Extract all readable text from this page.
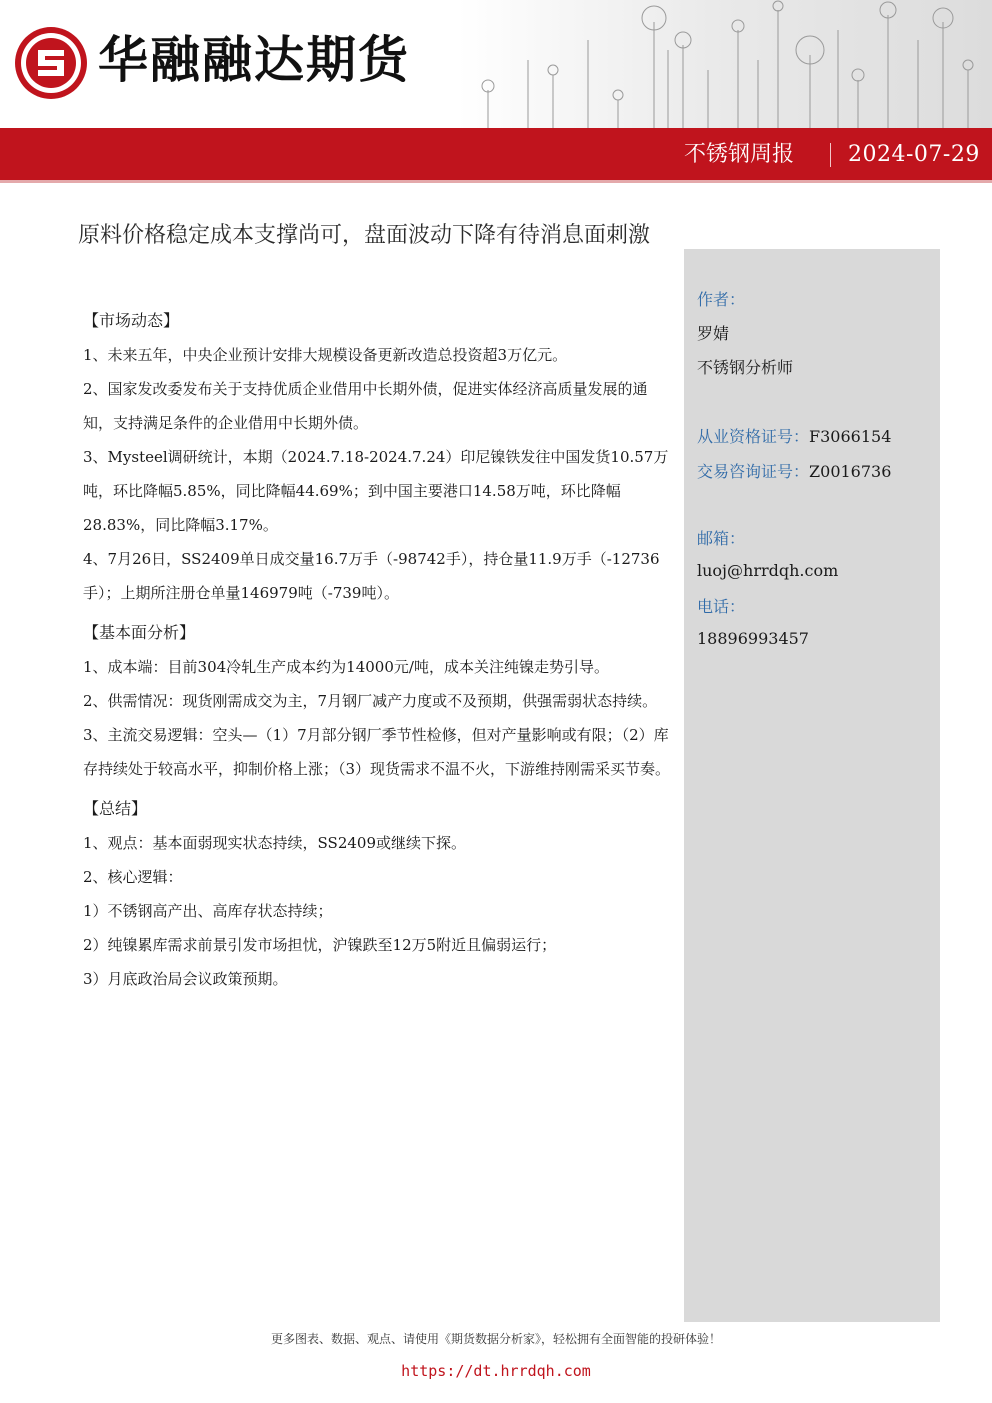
华融融达期货
不锈钢周报 2024-07-29
原料价格稳定成本支撑尚可，盘面波动下降有待消息面刺激

【市场动态】

1、未来五年，中央企业预计安排大规模设备更新改造总投资超3万亿元。

2、国家发改委发布关于支持优质企业借用中长期外债，促进实体经济高质量发展的通知，支持满足条件的企业借用中长期外债。

3、Mysteel调研统计，本期（2024.7.18-2024.7.24）印尼镍铁发往中国发货10.57万吨，环比降幅5.85%，同比降幅44.69%；到中国主要港口14.58万吨，环比降幅28.83%，同比降幅3.17%。

4、7月26日，SS2409单日成交量16.7万手（-98742手），持仓量11.9万手（-12736手）；上期所注册仓单量146979吨（-739吨）。

【基本面分析】

1、成本端：目前304冷轧生产成本约为14000元/吨，成本关注纯镍走势引导。

2、供需情况：现货刚需成交为主，7月钢厂减产力度或不及预期，供强需弱状态持续。

3、主流交易逻辑：空头—（1）7月部分钢厂季节性检修，但对产量影响或有限；（2）库存持续处于较高水平，抑制价格上涨；（3）现货需求不温不火，下游维持刚需采买节奏。

【总结】

1、观点：基本面弱现实状态持续，SS2409或继续下探。

2、核心逻辑：

1）不锈钢高产出、高库存状态持续；

2）纯镍累库需求前景引发市场担忧，沪镍跌至12万5附近且偏弱运行；

3）月底政治局会议政策预期。

作者：
罗婧
不锈钢分析师
从业资格证号：F3066154
交易咨询证号：Z0016736
邮箱：
luoj@hrrdqh.com
电话：
18896993457
更多图表、数据、观点、请使用《期货数据分析家》，轻松拥有全面智能的投研体验！
https://dt.hrrdqh.com
